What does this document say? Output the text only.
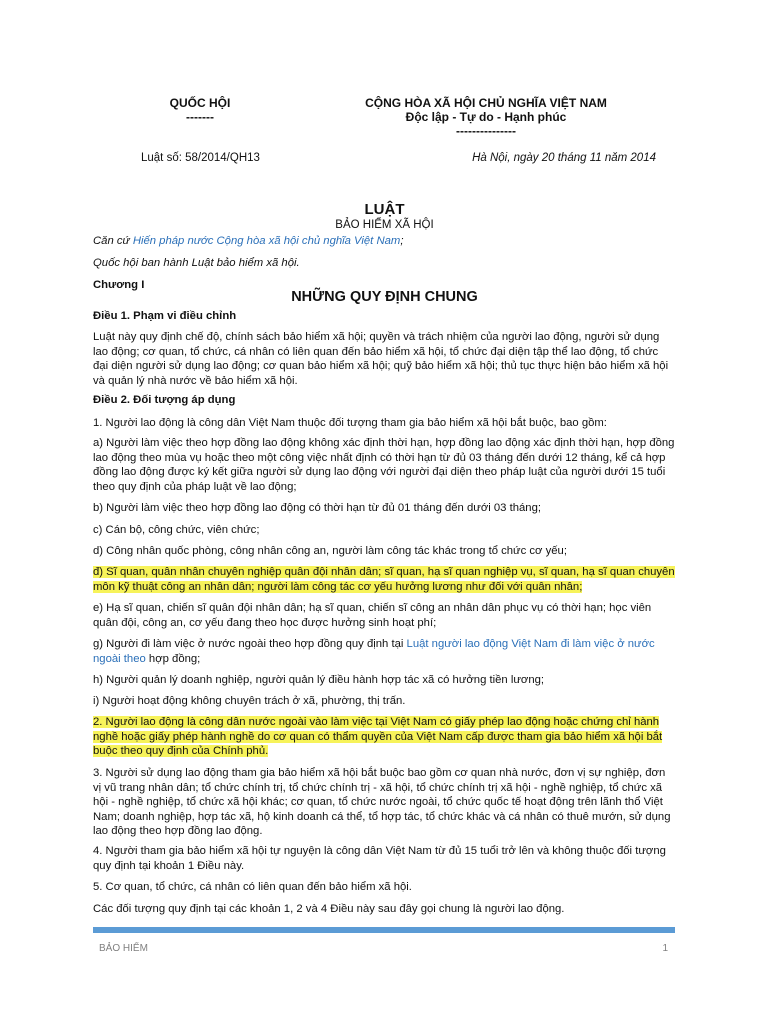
QUỐC HỘI
-------
CỘNG HÒA XÃ HỘI CHỦ NGHĨA VIỆT NAM
Độc lập - Tự do - Hạnh phúc
---------------
Luật số: 58/2014/QH13	Hà Nội, ngày 20 tháng 11 năm 2014
LUẬT
BẢO HIỂM XÃ HỘI
Căn cứ Hiến pháp nước Cộng hòa xã hội chủ nghĩa Việt Nam;
Quốc hội ban hành Luật bảo hiểm xã hội.
Chương I
NHỮNG QUY ĐỊNH CHUNG
Điều 1. Phạm vi điều chỉnh
Luật này quy định chế độ, chính sách bảo hiểm xã hội; quyền và trách nhiệm của người lao động, người sử dụng lao động; cơ quan, tổ chức, cá nhân có liên quan đến bảo hiểm xã hội, tổ chức đại diện tập thể lao động, tổ chức đại diện người sử dụng lao động; cơ quan bảo hiểm xã hội; quỹ bảo hiểm xã hội; thủ tục thực hiện bảo hiểm xã hội và quản lý nhà nước về bảo hiểm xã hội.
Điều 2. Đối tượng áp dụng
1. Người lao động là công dân Việt Nam thuộc đối tượng tham gia bảo hiểm xã hội bắt buộc, bao gồm:
a) Người làm việc theo hợp đồng lao động không xác định thời hạn, hợp đồng lao động xác định thời hạn, hợp đồng lao động theo mùa vụ hoặc theo một công việc nhất định có thời hạn từ đủ 03 tháng đến dưới 12 tháng, kể cả hợp đồng lao động được ký kết giữa người sử dụng lao động với người đại diện theo pháp luật của người dưới 15 tuổi theo quy định của pháp luật về lao động;
b) Người làm việc theo hợp đồng lao động có thời hạn từ đủ 01 tháng đến dưới 03 tháng;
c) Cán bộ, công chức, viên chức;
d) Công nhân quốc phòng, công nhân công an, người làm công tác khác trong tổ chức cơ yếu;
đ) Sĩ quan, quân nhân chuyên nghiệp quân đội nhân dân; sĩ quan, hạ sĩ quan nghiệp vụ, sĩ quan, hạ sĩ quan chuyên môn kỹ thuật công an nhân dân; người làm công tác cơ yếu hưởng lương như đối với quân nhân;
e) Hạ sĩ quan, chiến sĩ quân đội nhân dân; hạ sĩ quan, chiến sĩ công an nhân dân phục vụ có thời hạn; học viên quân đội, công an, cơ yếu đang theo học được hưởng sinh hoạt phí;
g) Người đi làm việc ở nước ngoài theo hợp đồng quy định tại Luật người lao động Việt Nam đi làm việc ở nước ngoài theo hợp đồng;
h) Người quản lý doanh nghiệp, người quản lý điều hành hợp tác xã có hưởng tiền lương;
i) Người hoạt động không chuyên trách ở xã, phường, thị trấn.
2. Người lao động là công dân nước ngoài vào làm việc tại Việt Nam có giấy phép lao động hoặc chứng chỉ hành nghề hoặc giấy phép hành nghề do cơ quan có thẩm quyền của Việt Nam cấp được tham gia bảo hiểm xã hội bắt buộc theo quy định của Chính phủ.
3. Người sử dụng lao động tham gia bảo hiểm xã hội bắt buộc bao gồm cơ quan nhà nước, đơn vị sự nghiệp, đơn vị vũ trang nhân dân; tổ chức chính trị, tổ chức chính trị - xã hội, tổ chức chính trị xã hội - nghề nghiệp, tổ chức xã hội - nghề nghiệp, tổ chức xã hội khác; cơ quan, tổ chức nước ngoài, tổ chức quốc tế hoạt động trên lãnh thổ Việt Nam; doanh nghiệp, hợp tác xã, hộ kinh doanh cá thể, tổ hợp tác, tổ chức khác và cá nhân có thuê mướn, sử dụng lao động theo hợp đồng lao động.
4. Người tham gia bảo hiểm xã hội tự nguyện là công dân Việt Nam từ đủ 15 tuổi trở lên và không thuộc đối tượng quy định tại khoản 1 Điều này.
5. Cơ quan, tổ chức, cá nhân có liên quan đến bảo hiểm xã hội.
Các đối tượng quy định tại các khoản 1, 2 và 4 Điều này sau đây gọi chung là người lao động.
BẢO HIỂM	1
